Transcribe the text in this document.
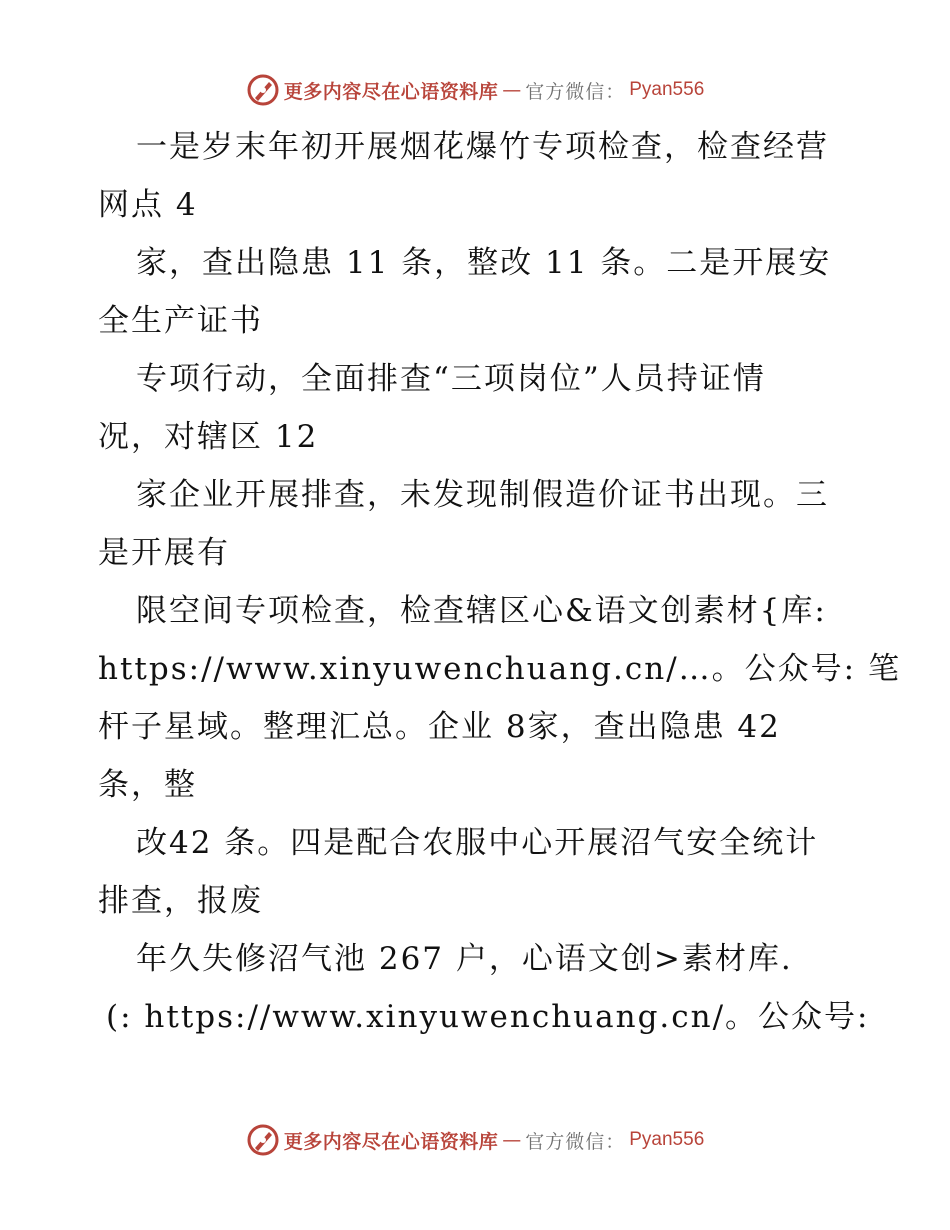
更多内容尽在心语资料库 — 官方微信： Pyan556
一是岁末年初开展烟花爆竹专项检查，检查经营
网点 4
家，查出隐患 11 条，整改 11 条。二是开展安
全生产证书
专项行动，全面排查“三项岗位”人员持证情
况，对辖区 12
家企业开展排查，未发现制假造价证书出现。三
是开展有
限空间专项检查，检查辖区心&语文创素材{库:
https://www.xinyuwenchuang.cn/…。公众号: 笔
杆子星域。整理汇总。企业 8家，查出隐患 42
条，整
改42 条。四是配合农服中心开展沼气安全统计
排查，报废
年久失修沼气池 267 户，心语文创>素材库.
(: https://www.xinyuwenchuang.cn/。公众号:
更多内容尽在心语资料库 — 官方微信： Pyan556
